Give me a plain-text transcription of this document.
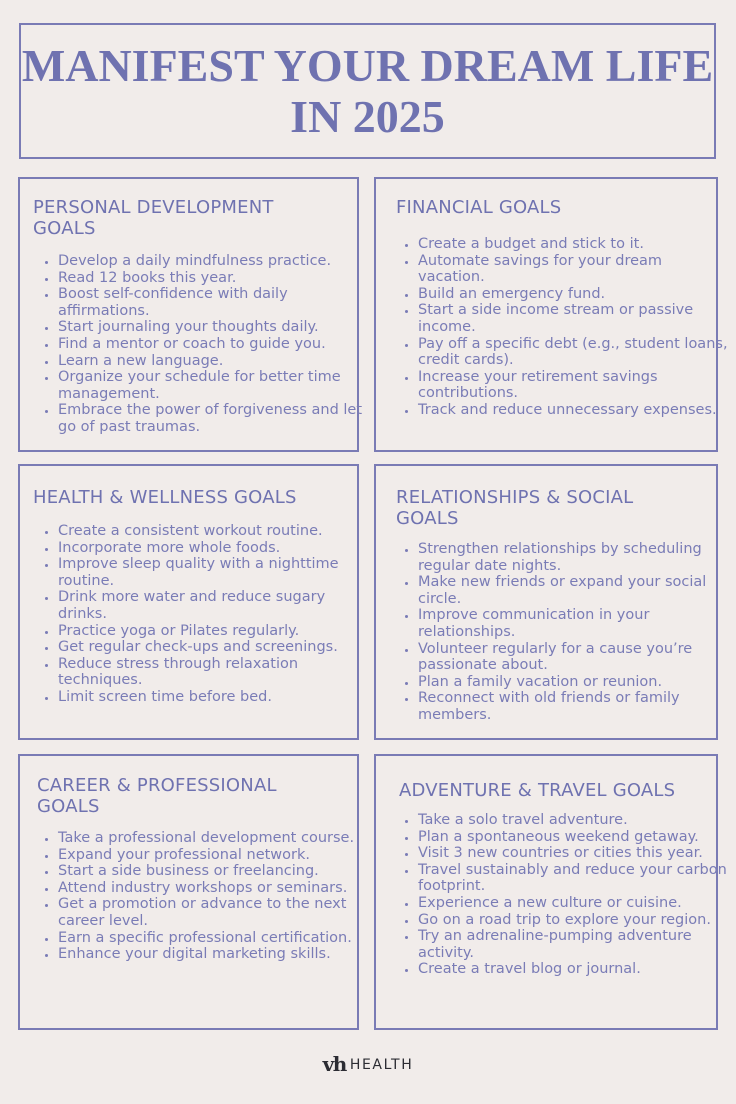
MANIFEST YOUR DREAM LIFE
IN 2025
PERSONAL DEVELOPMENT GOALS
• Develop a daily mindfulness practice.
• Read 12 books this year.
• Boost self-confidence with daily affirmations.
• Start journaling your thoughts daily.
• Find a mentor or coach to guide you.
• Learn a new language.
• Organize your schedule for better time management.
• Embrace the power of forgiveness and let go of past traumas.
FINANCIAL GOALS
• Create a budget and stick to it.
• Automate savings for your dream vacation.
• Build an emergency fund.
• Start a side income stream or passive income.
• Pay off a specific debt (e.g., student loans, credit cards).
• Increase your retirement savings contributions.
• Track and reduce unnecessary expenses.
HEALTH & WELLNESS GOALS
• Create a consistent workout routine.
• Incorporate more whole foods.
• Improve sleep quality with a nighttime routine.
• Drink more water and reduce sugary drinks.
• Practice yoga or Pilates regularly.
• Get regular check-ups and screenings.
• Reduce stress through relaxation techniques.
• Limit screen time before bed.
RELATIONSHIPS & SOCIAL GOALS
• Strengthen relationships by scheduling regular date nights.
• Make new friends or expand your social circle.
• Improve communication in your relationships.
• Volunteer regularly for a cause you’re passionate about.
• Plan a family vacation or reunion.
• Reconnect with old friends or family members.
CAREER & PROFESSIONAL GOALS
• Take a professional development course.
• Expand your professional network.
• Start a side business or freelancing.
• Attend industry workshops or seminars.
• Get a promotion or advance to the next career level.
• Earn a specific professional certification.
• Enhance your digital marketing skills.
ADVENTURE & TRAVEL GOALS
• Take a solo travel adventure.
• Plan a spontaneous weekend getaway.
• Visit 3 new countries or cities this year.
• Travel sustainably and reduce your carbon footprint.
• Experience a new culture or cuisine.
• Go on a road trip to explore your region.
• Try an adrenaline-pumping adventure activity.
• Create a travel blog or journal.
vh HEALTH
